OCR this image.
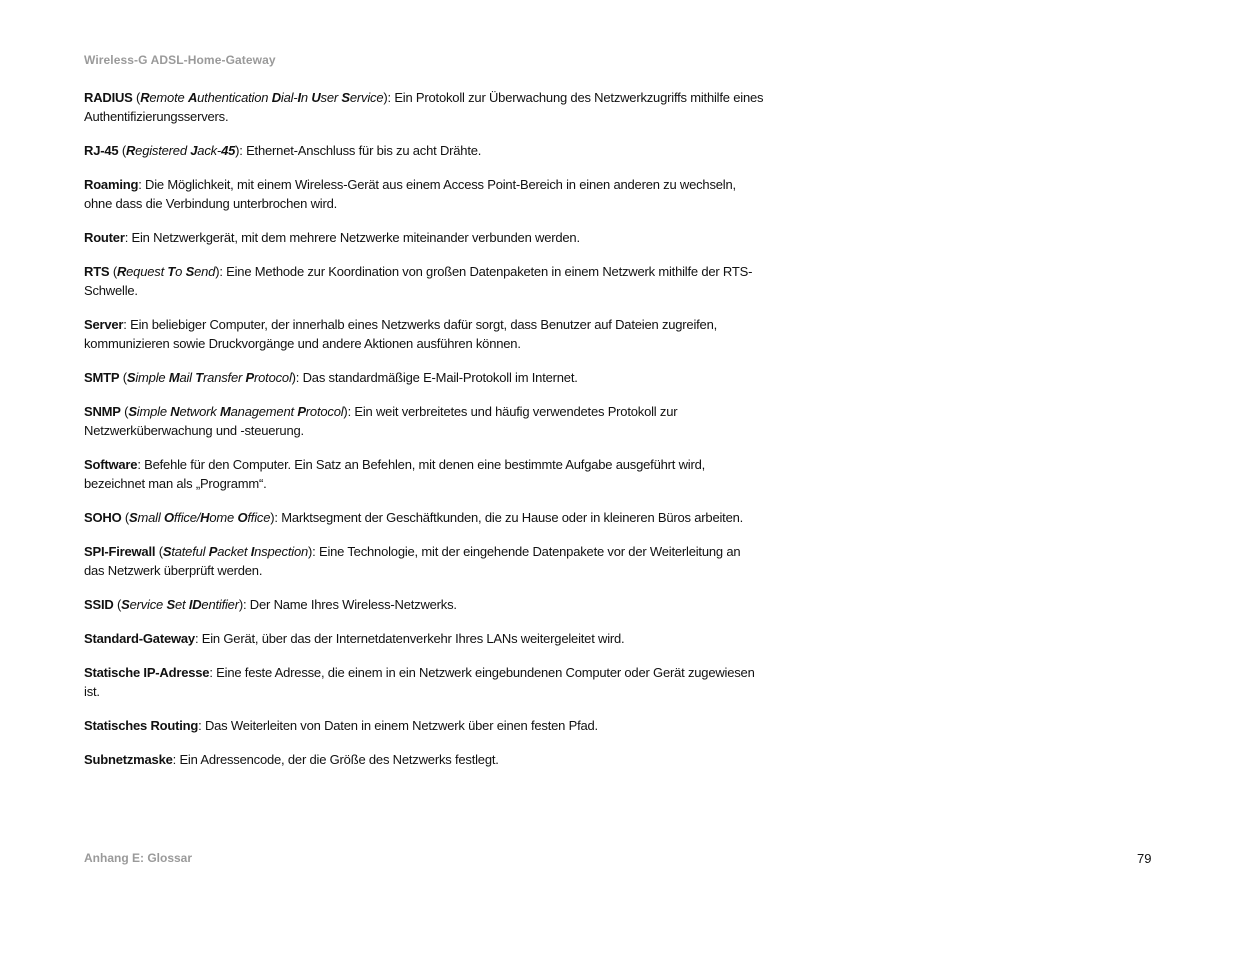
Wireless-G ADSL-Home-Gateway

RADIUS (Remote Authentication Dial-In User Service): Ein Protokoll zur Überwachung des Netzwerkzugriffs mithilfe eines Authentifizierungsservers.

RJ-45 (Registered Jack-45): Ethernet-Anschluss für bis zu acht Drähte.

Roaming: Die Möglichkeit, mit einem Wireless-Gerät aus einem Access Point-Bereich in einen anderen zu wechseln, ohne dass die Verbindung unterbrochen wird.

Router: Ein Netzwerkgerät, mit dem mehrere Netzwerke miteinander verbunden werden.

RTS (Request To Send): Eine Methode zur Koordination von großen Datenpaketen in einem Netzwerk mithilfe der RTS-Schwelle.

Server: Ein beliebiger Computer, der innerhalb eines Netzwerks dafür sorgt, dass Benutzer auf Dateien zugreifen, kommunizieren sowie Druckvorgänge und andere Aktionen ausführen können.

SMTP (Simple Mail Transfer Protocol): Das standardmäßige E-Mail-Protokoll im Internet.

SNMP (Simple Network Management Protocol): Ein weit verbreitetes und häufig verwendetes Protokoll zur Netzwerküberwachung und -steuerung.

Software: Befehle für den Computer. Ein Satz an Befehlen, mit denen eine bestimmte Aufgabe ausgeführt wird, bezeichnet man als „Programm“.

SOHO (Small Office/Home Office): Marktsegment der Geschäftkunden, die zu Hause oder in kleineren Büros arbeiten.

SPI-Firewall (Stateful Packet Inspection): Eine Technologie, mit der eingehende Datenpakete vor der Weiterleitung an das Netzwerk überprüft werden.

SSID (Service Set IDentifier): Der Name Ihres Wireless-Netzwerks.

Standard-Gateway: Ein Gerät, über das der Internetdatenverkehr Ihres LANs weitergeleitet wird.

Statische IP-Adresse: Eine feste Adresse, die einem in ein Netzwerk eingebundenen Computer oder Gerät zugewiesen ist.

Statisches Routing: Das Weiterleiten von Daten in einem Netzwerk über einen festen Pfad.

Subnetzmaske: Ein Adressencode, der die Größe des Netzwerks festlegt.

Anhang E: Glossar	79
